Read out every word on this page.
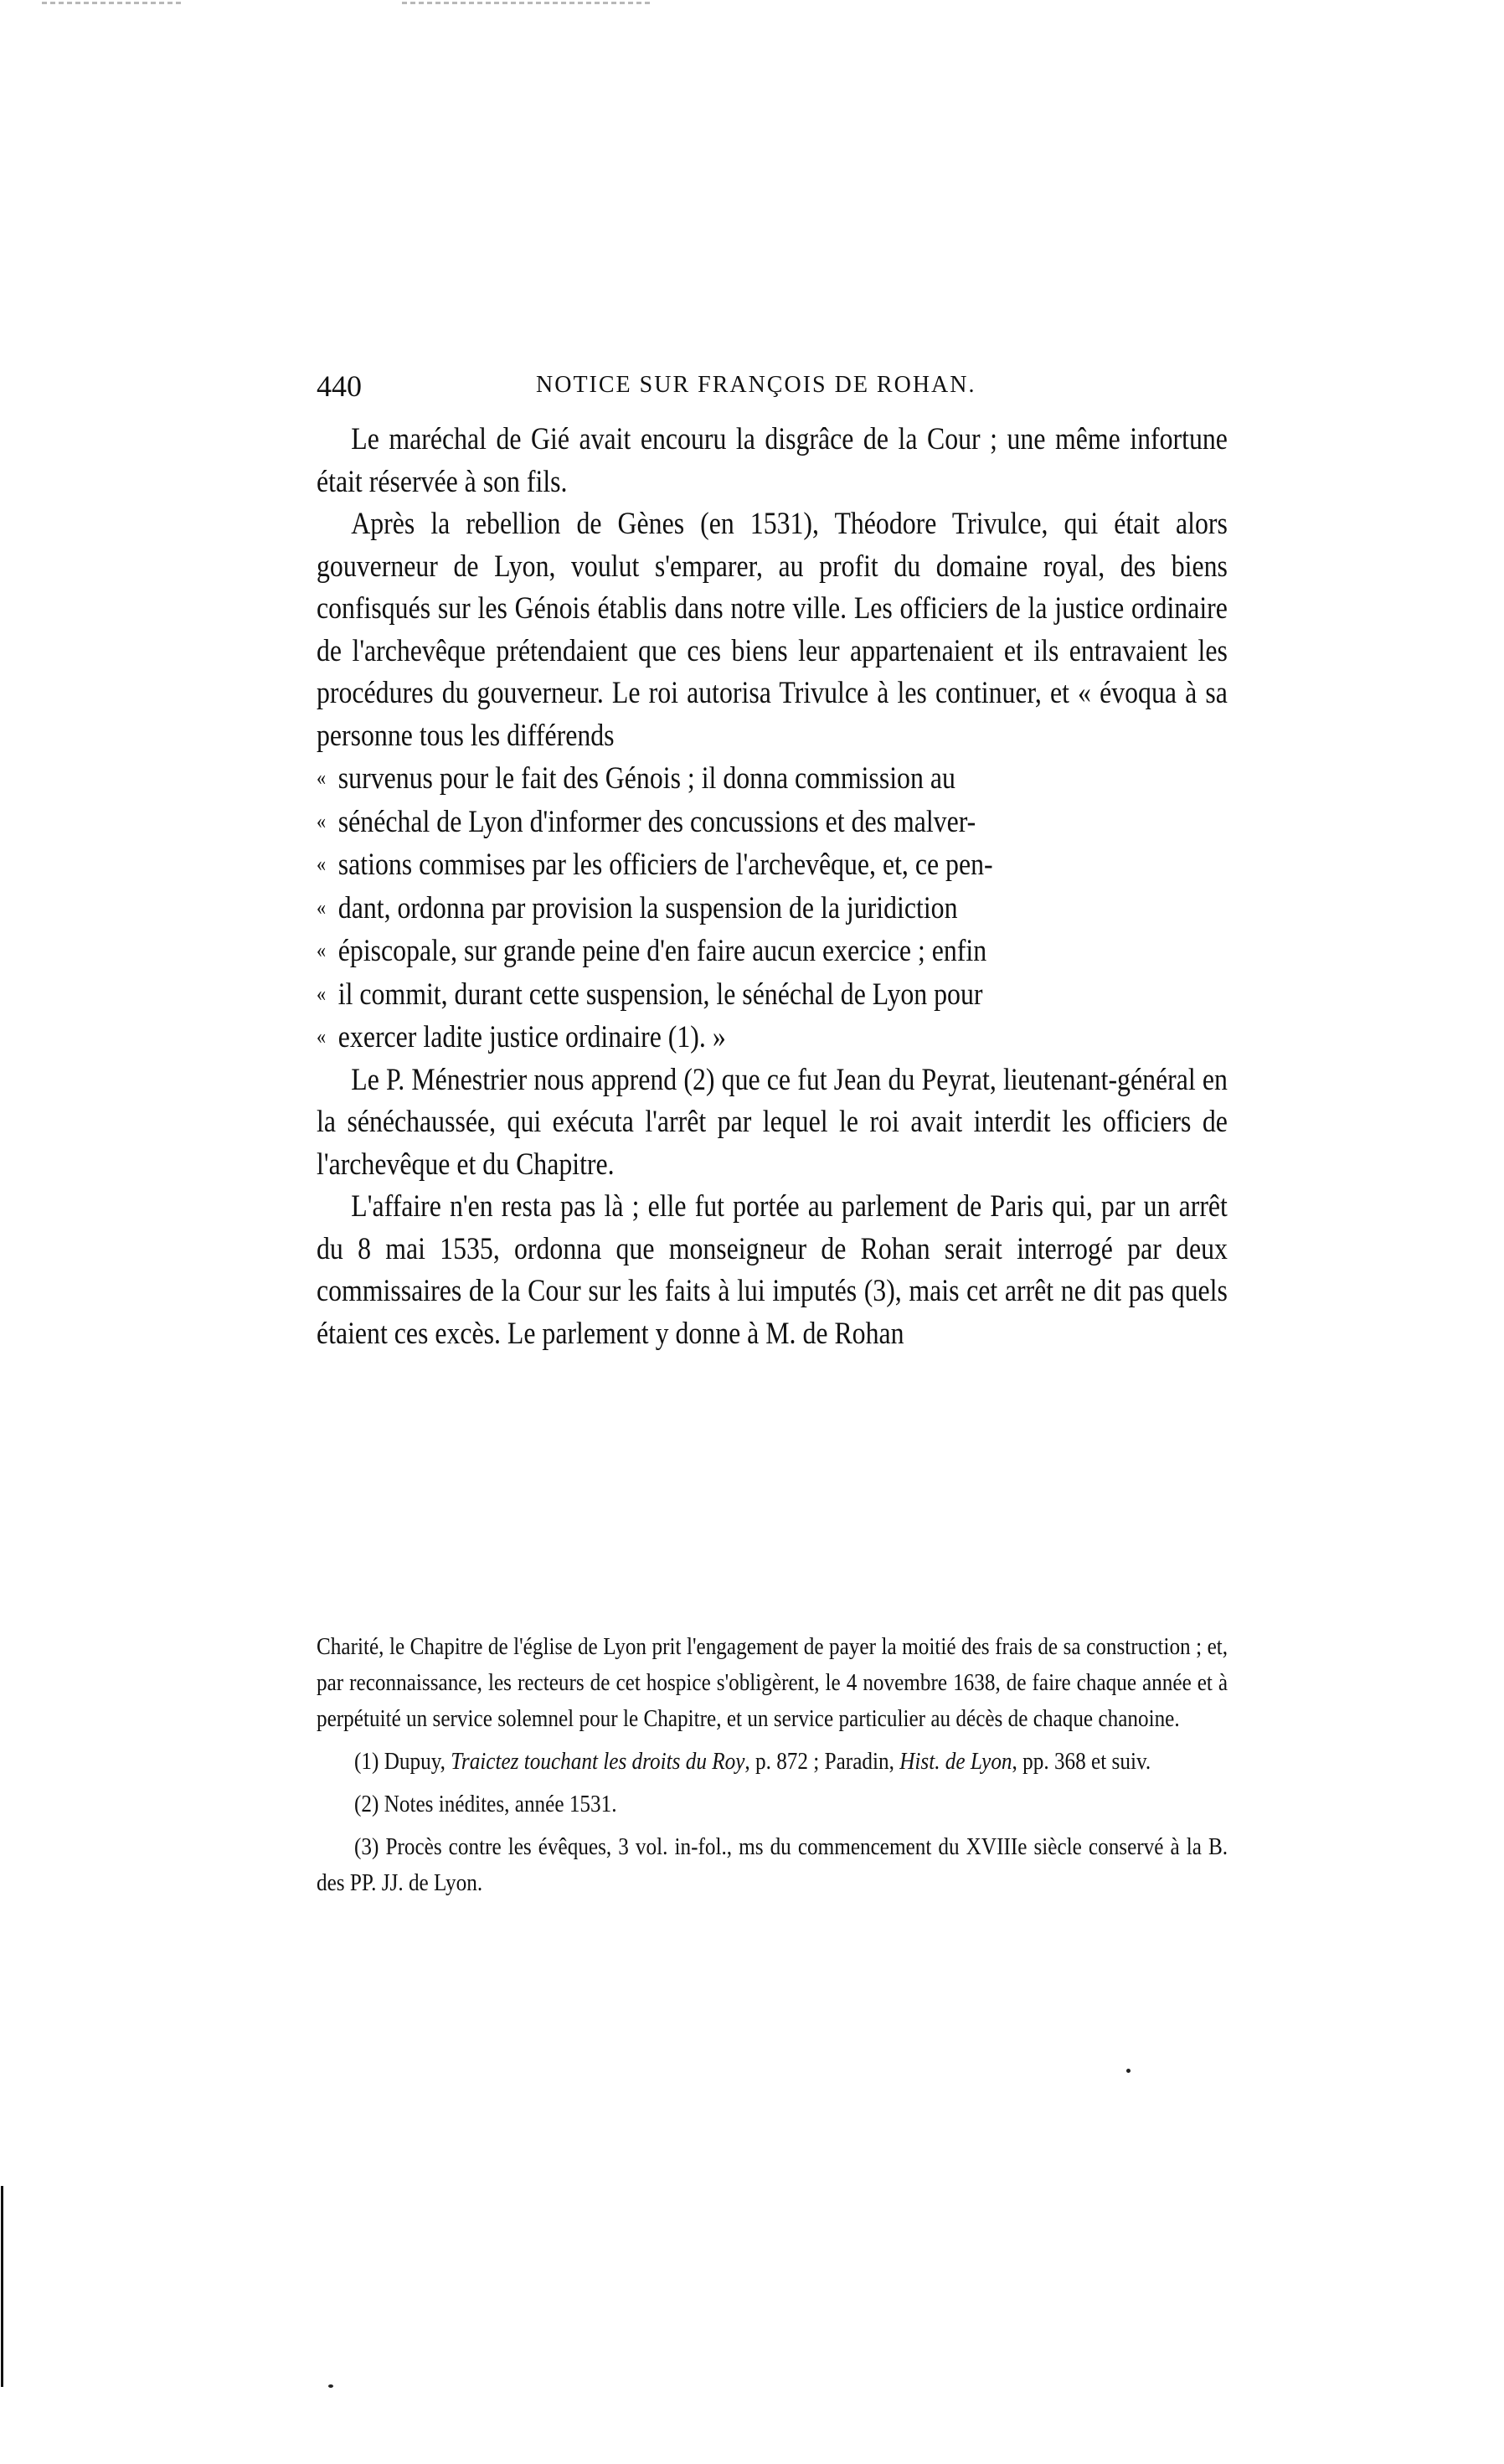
440	NOTICE SUR FRANÇOIS DE ROHAN.

Le maréchal de Gié avait encouru la disgrâce de la Cour ; une même infortune était réservée à son fils.

Après la rebellion de Gènes (en 1531), Théodore Trivulce, qui était alors gouverneur de Lyon, voulut s'emparer, au profit du domaine royal, des biens confisqués sur les Génois établis dans notre ville. Les officiers de la justice ordinaire de l'archevêque prétendaient que ces biens leur appartenaient et ils entravaient les procédures du gouverneur. Le roi autorisa Trivulce à les continuer, et « évoqua à sa personne tous les différends
« survenus pour le fait des Génois ; il donna commission au
« sénéchal de Lyon d'informer des concussions et des malver-
« sations commises par les officiers de l'archevêque, et, ce pen-
« dant, ordonna par provision la suspension de la juridiction
« épiscopale, sur grande peine d'en faire aucun exercice ; enfin
« il commit, durant cette suspension, le sénéchal de Lyon pour
« exercer ladite justice ordinaire (1). »

Le P. Ménestrier nous apprend (2) que ce fut Jean du Peyrat, lieutenant-général en la sénéchaussée, qui exécuta l'arrêt par lequel le roi avait interdit les officiers de l'archevêque et du Chapitre.

L'affaire n'en resta pas là ; elle fut portée au parlement de Paris qui, par un arrêt du 8 mai 1535, ordonna que monseigneur de Rohan serait interrogé par deux commissaires de la Cour sur les faits à lui imputés (3), mais cet arrêt ne dit pas quels étaient ces excès. Le parlement y donne à M. de Rohan

Charité, le Chapitre de l'église de Lyon prit l'engagement de payer la moitié des frais de sa construction ; et, par reconnaissance, les recteurs de cet hospice s'obligèrent, le 4 novembre 1638, de faire chaque année et à perpétuité un service solemnel pour le Chapitre, et un service particulier au décès de chaque chanoine.

(1) Dupuy, Traictez touchant les droits du Roy, p. 872 ; Paradin, Hist. de Lyon, pp. 368 et suiv.

(2) Notes inédites, année 1531.

(3) Procès contre les évêques, 3 vol. in-fol., ms du commencement du XVIIIe siècle conservé à la B. des PP. JJ. de Lyon.
